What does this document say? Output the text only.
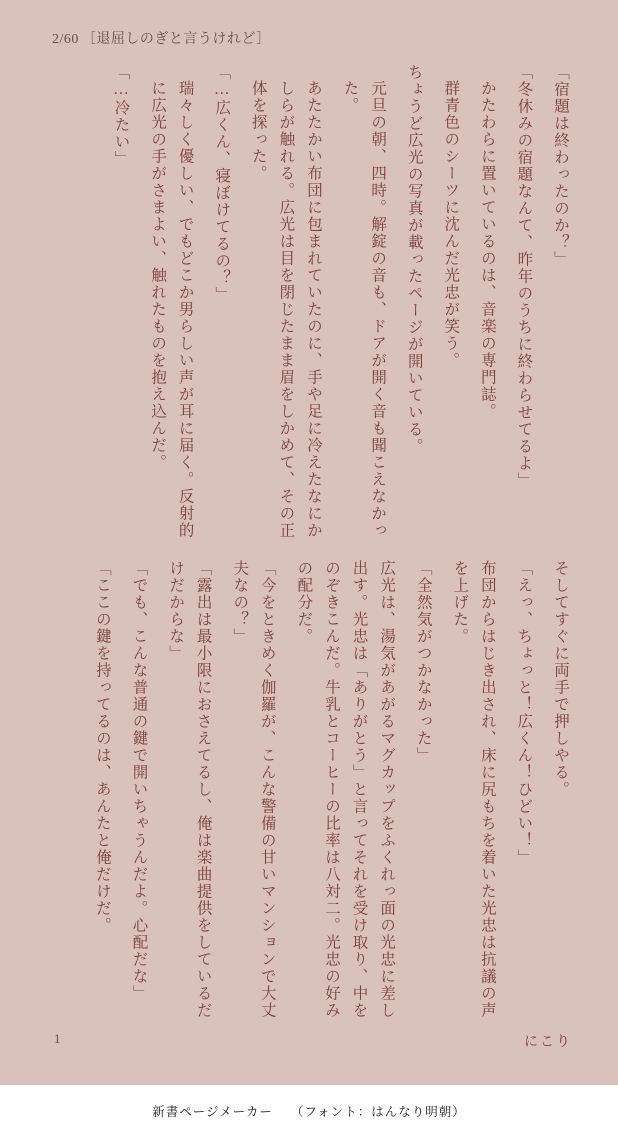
2/60 ［退屈しのぎと言うけれど］
「宿題は終わったのか？」
「冬休みの宿題なんて、昨年のうちに終わらせてるよ」
かたわらに置いているのは、音楽の専門誌。
群青色のシーツに沈んだ光忠が笑う。
ちょうど広光の写真が載ったページが開いている。
元旦の朝、四時。解錠の音も、ドアが開く音も聞こえなかった。
あたたかい布団に包まれていたのに、手や足に冷えたなにかしらが触れる。広光は目を閉じたまま眉をしかめて、その正体を探った。
「…広くん、寝ぼけてるの？」
瑞々しく優しい、でもどこか男らしい声が耳に届く。反射的に広光の手がさまよい、触れたものを抱え込んだ。
「…冷たい」
そしてすぐに両手で押しやる。
「えっ、ちょっと！広くん！ひどい！」
布団からはじき出され、床に尻もちを着いた光忠は抗議の声を上げた。
「全然気がつかなかった」
広光は、湯気があがるマグカップをふくれっ面の光忠に差し出す。光忠は「ありがとう」と言ってそれを受け取り、中をのぞきこんだ。牛乳とコーヒーの比率は八対二。光忠の好みの配分だ。
「今をときめく伽羅が、こんな警備の甘いマンションで大丈夫なの？」
「露出は最小限におさえてるし、俺は楽曲提供をしているだけだからな」
「でも、こんな普通の鍵で開いちゃうんだよ。心配だな」
「ここの鍵を持ってるのは、あんたと俺だけだ。
1	にこり
新書ページメーカー （フォント：はんなり明朝）
